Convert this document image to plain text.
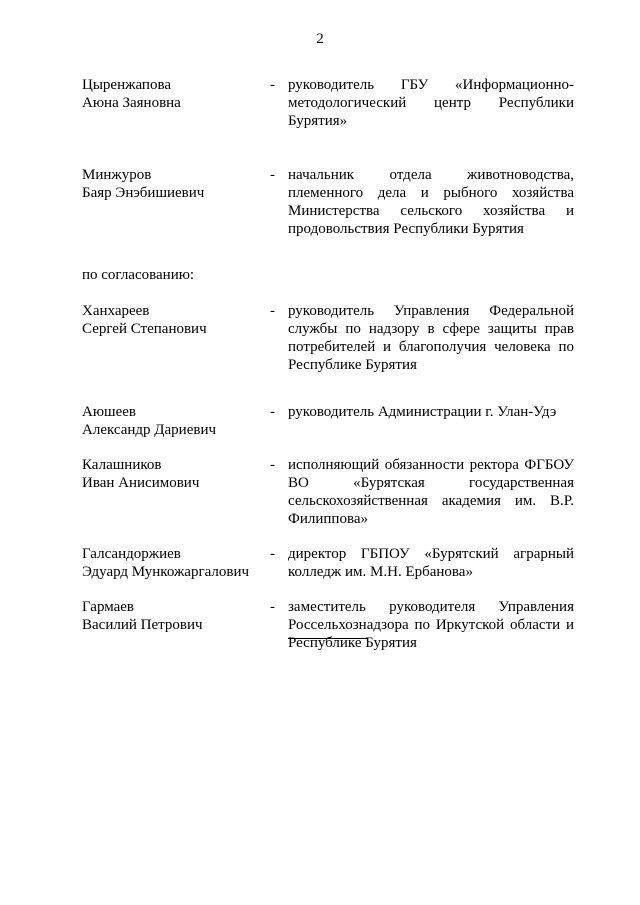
2
Цыренжапова
Аюна Заяновна
- руководитель ГБУ «Информационно-методологический центр Республики Бурятия»
Минжуров
Баяр Энэбишиевич
- начальник отдела животноводства, племенного дела и рыбного хозяйства Министерства сельского хозяйства и продовольствия Республики Бурятия
по согласованию:
Ханхареев
Сергей Степанович
- руководитель Управления Федеральной службы по надзору в сфере защиты прав потребителей и благополучия человека по Республике Бурятия
Аюшеев
Александр Дариевич
- руководитель Администрации г. Улан-Удэ
Калашников
Иван Анисимович
- исполняющий обязанности ректора ФГБОУ ВО «Бурятская государственная сельскохозяйственная академия им. В.Р. Филиппова»
Галсандоржиев
Эдуард Мункожаргалович
- директор ГБПОУ «Бурятский аграрный колледж им. М.Н. Ербанова»
Гармаев
Василий Петрович
- заместитель руководителя Управления Россельхознадзора по Иркутской области и Республике Бурятия
